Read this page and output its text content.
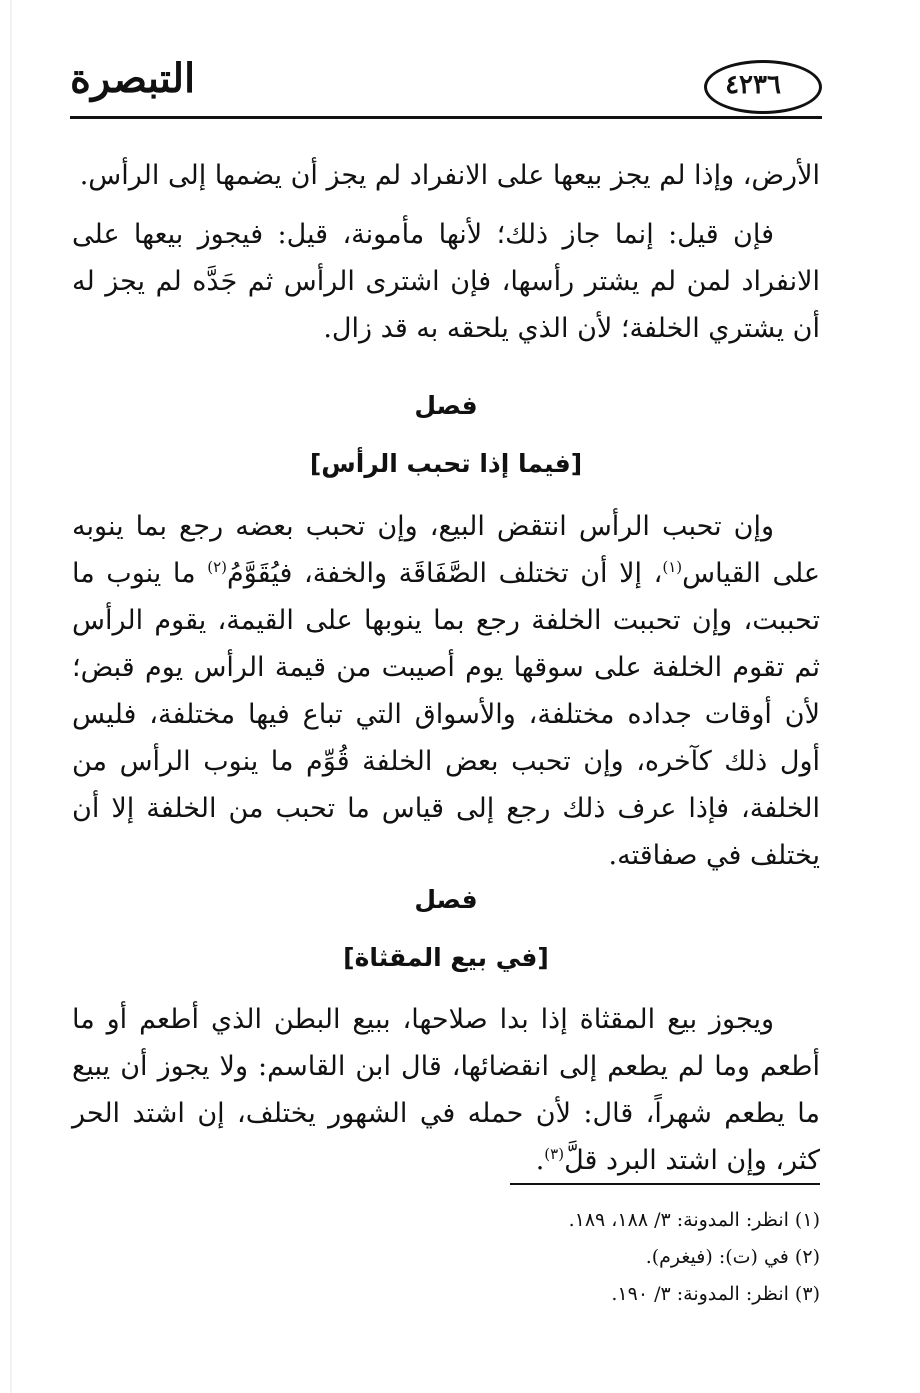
التبصرة	٤٢٣٦

الأرض، وإذا لم يجز بيعها على الانفراد لم يجز أن يضمها إلى الرأس.

فإن قيل: إنما جاز ذلك؛ لأنها مأمونة، قيل: فيجوز بيعها على الانفراد لمن لم يشتر رأسها، فإن اشترى الرأس ثم جَدَّه لم يجز له أن يشتري الخلفة؛ لأن الذي يلحقه به قد زال.

فصل

[فيما إذا تحبب الرأس]

وإن تحبب الرأس انتقض البيع، وإن تحبب بعضه رجع بما ينوبه على القياس$^{(١)}$، إلا أن تختلف الصَّفَاقَة والخفة، فيُقَوَّمُ$^{(٢)}$ ما ينوب ما تحببت، وإن تحببت الخلفة رجع بما ينوبها على القيمة، يقوم الرأس ثم تقوم الخلفة على سوقها يوم أصيبت من قيمة الرأس يوم قبض؛ لأن أوقات جداده مختلفة، والأسواق التي تباع فيها مختلفة، فليس أول ذلك كآخره، وإن تحبب بعض الخلفة قُوِّم ما ينوب الرأس من الخلفة، فإذا عرف ذلك رجع إلى قياس ما تحبب من الخلفة إلا أن يختلف في صفاقته.

فصل

[في بيع المقثاة]

ويجوز بيع المقثاة إذا بدا صلاحها، ببيع البطن الذي أطعم أو ما أطعم وما لم يطعم إلى انقضائها، قال ابن القاسم: ولا يجوز أن يبيع ما يطعم شهراً، قال: لأن حمله في الشهور يختلف، إن اشتد الحر كثر، وإن اشتد البرد قلَّ$^{(٣)}$.

(١) انظر: المدونة: ٣/ ١٨٨، ١٨٩.

(٢) في (ت): (فيغرم).

(٣) انظر: المدونة: ٣/ ١٩٠.
